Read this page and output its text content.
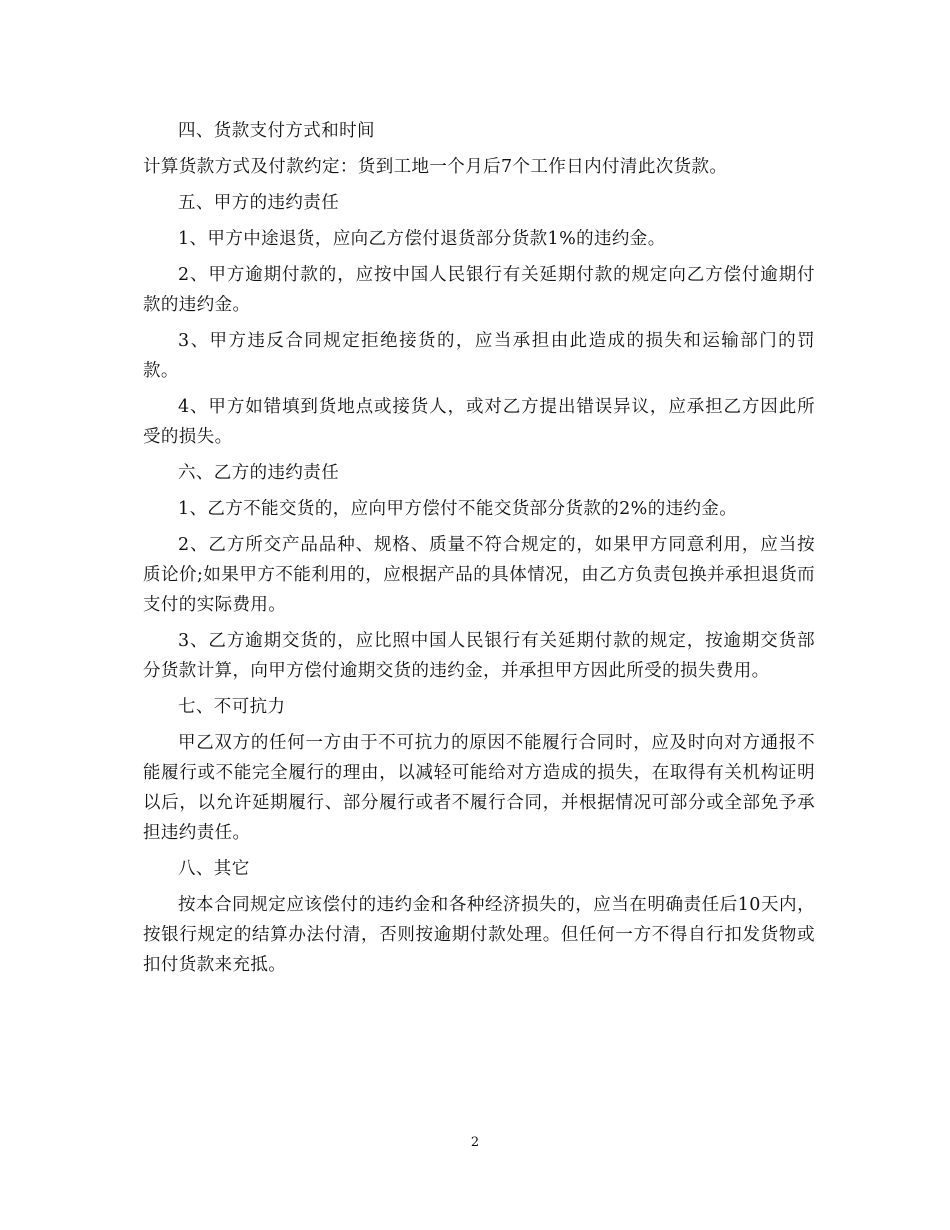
四、货款支付方式和时间

计算货款方式及付款约定：货到工地一个月后7个工作日内付清此次货款。

五、甲方的违约责任

1、甲方中途退货，应向乙方偿付退货部分货款1%的违约金。

2、甲方逾期付款的，应按中国人民银行有关延期付款的规定向乙方偿付逾期付款的违约金。

3、甲方违反合同规定拒绝接货的，应当承担由此造成的损失和运输部门的罚款。

4、甲方如错填到货地点或接货人，或对乙方提出错误异议，应承担乙方因此所受的损失。

六、乙方的违约责任

1、乙方不能交货的，应向甲方偿付不能交货部分货款的2%的违约金。

2、乙方所交产品品种、规格、质量不符合规定的，如果甲方同意利用，应当按质论价;如果甲方不能利用的，应根据产品的具体情况，由乙方负责包换并承担退货而支付的实际费用。

3、乙方逾期交货的，应比照中国人民银行有关延期付款的规定，按逾期交货部分货款计算，向甲方偿付逾期交货的违约金，并承担甲方因此所受的损失费用。

七、不可抗力

甲乙双方的任何一方由于不可抗力的原因不能履行合同时，应及时向对方通报不能履行或不能完全履行的理由，以减轻可能给对方造成的损失，在取得有关机构证明以后，以允许延期履行、部分履行或者不履行合同，并根据情况可部分或全部免予承担违约责任。

八、其它

按本合同规定应该偿付的违约金和各种经济损失的，应当在明确责任后10天内，按银行规定的结算办法付清，否则按逾期付款处理。但任何一方不得自行扣发货物或扣付货款来充抵。

2
